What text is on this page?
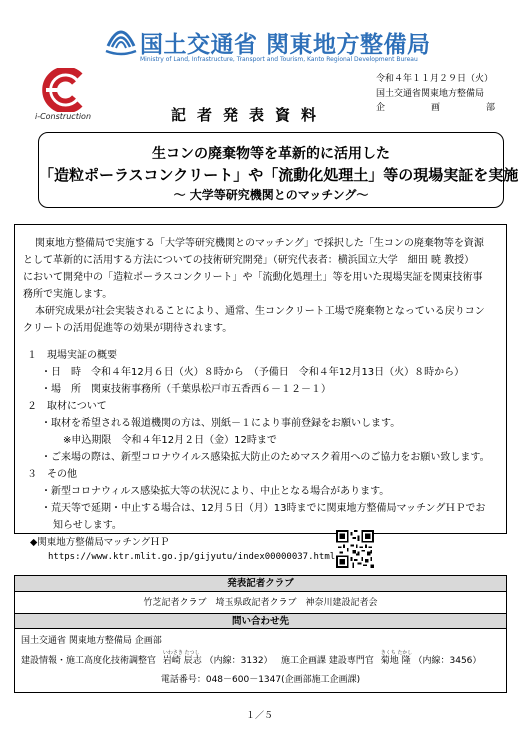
国土交通省 関東地方整備局
Ministry of Land, Infrastructure, Transport and Tourism, Kanto Regional Development Bureau
i-Construction
令和４年１１月２９日（火）
国土交通省関東地方整備局
企	画	部
記者発表資料
生コンの廃棄物等を革新的に活用した
「造粒ポーラスコンクリート」や「流動化処理土」等の現場実証を実施
～ 大学等研究機関とのマッチング～
関東地方整備局で実施する「大学等研究機関とのマッチング」で採択した「生コンの廃棄物等を資源
として革新的に活用する方法についての技術研究開発」（研究代表者：横浜国立大学　細田 暁 教授）
において開発中の「造粒ポーラスコンクリート」や「流動化処理土」等を用いた現場実証を関東技術事
務所で実施します。
本研究成果が社会実装されることにより、通常、生コンクリート工場で廃棄物となっている戻りコン
クリートの活用促進等の効果が期待されます。
１　現場実証の概要
・日　時　令和４年12月６日（火）８時から　（予備日　令和４年12月13日（火）８時から）
・場　所　関東技術事務所（千葉県松戸市五香西６－１２－１）
２　取材について
・取材を希望される報道機関の方は、別紙－１により事前登録をお願いします。
※申込期限　令和４年12月２日（金）12時まで
・ご来場の際は、新型コロナウイルス感染拡大防止のためマスク着用へのご協力をお願い致します。
３　その他
・新型コロナウィルス感染拡大等の状況により、中止となる場合があります。
・荒天等で延期・中止する場合は、12月５日（月）13時までに関東地方整備局マッチングＨＰでお
知らせします。
◆関東地方整備局マッチングＨＰ
https://www.ktr.mlit.go.jp/gijyutu/index00000037.html
発表記者クラブ
竹芝記者クラブ　埼玉県政記者クラブ　神奈川建設記者会
問い合わせ先
国土交通省 関東地方整備局 企画部
建設情報・施工高度化技術調整官
いわさき たつし
岩崎 辰志 （内線：3132） 施工企画課 建設専門官
きくち たかし
菊地 隆 （内線：3456）
電話番号：048－600－1347(企画部施工企画課)
１／５
